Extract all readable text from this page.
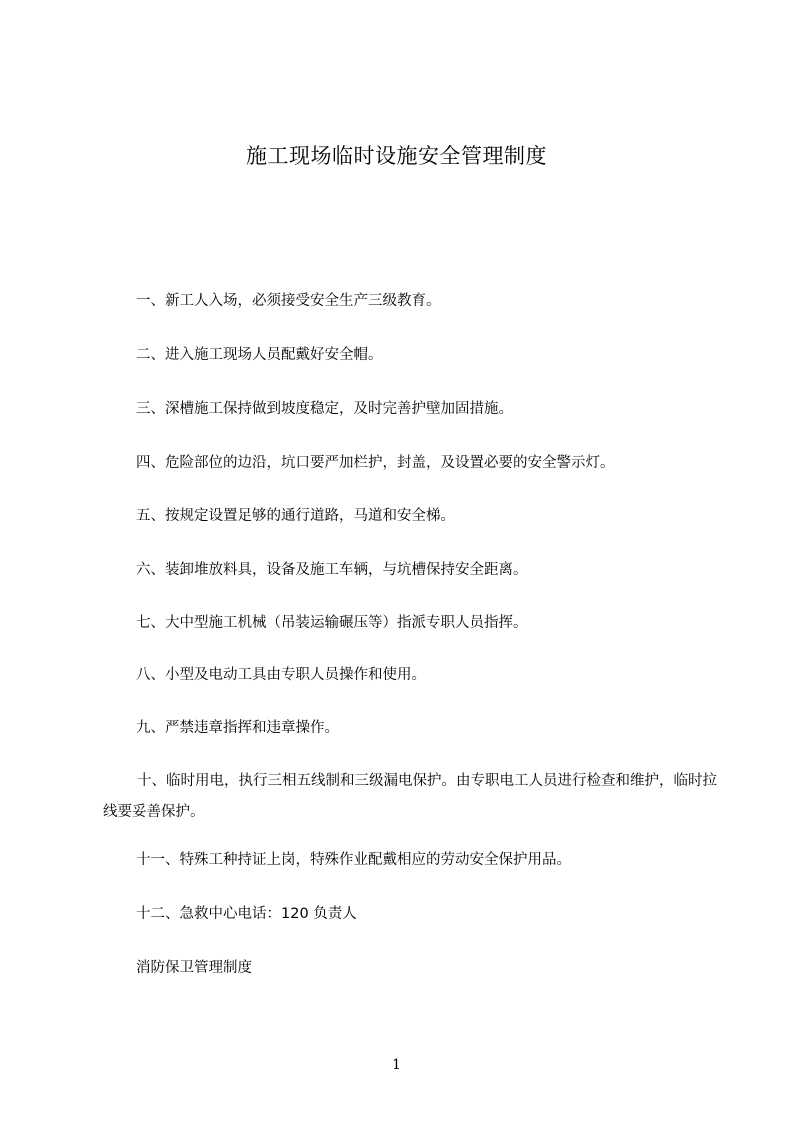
施工现场临时设施安全管理制度
一、新工人入场，必须接受安全生产三级教育。
二、进入施工现场人员配戴好安全帽。
三、深槽施工保持做到坡度稳定，及时完善护壁加固措施。
四、危险部位的边沿，坑口要严加栏护，封盖，及设置必要的安全警示灯。
五、按规定设置足够的通行道路，马道和安全梯。
六、装卸堆放料具，设备及施工车辆，与坑槽保持安全距离。
七、大中型施工机械（吊装运输碾压等）指派专职人员指挥。
八、小型及电动工具由专职人员操作和使用。
九、严禁违章指挥和违章操作。
十、临时用电，执行三相五线制和三级漏电保护。由专职电工人员进行检查和维护，临时拉线要妥善保护。
十一、特殊工种持证上岗，特殊作业配戴相应的劳动安全保护用品。
十二、急救中心电话：120 负责人
消防保卫管理制度
1
